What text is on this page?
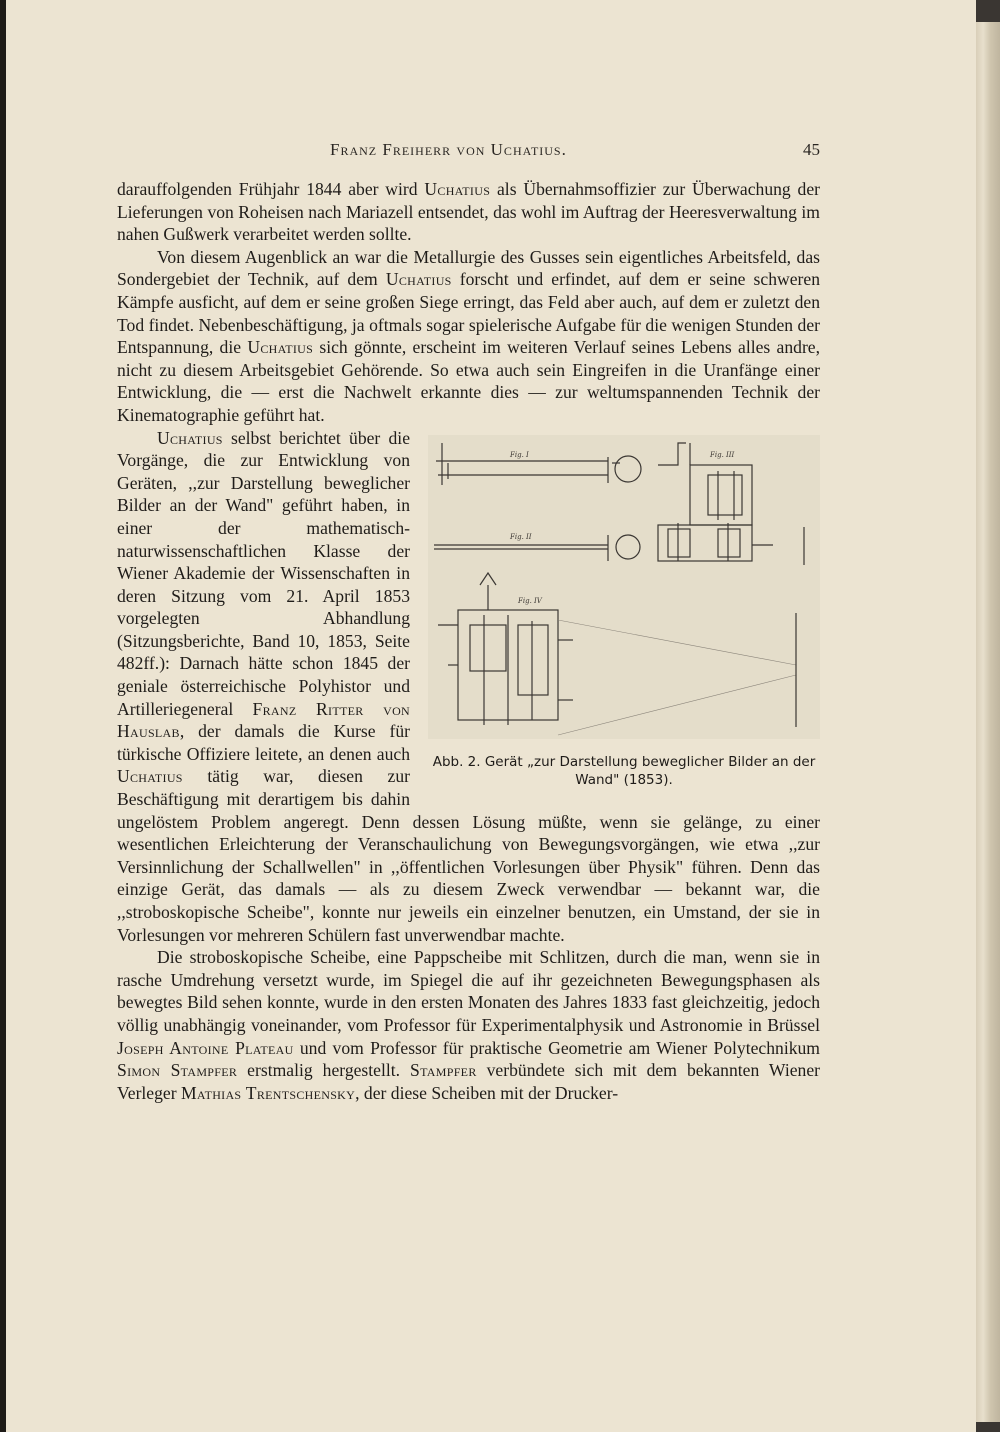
Franz Freiherr von Uchatius.	45

darauffolgenden Frühjahr 1844 aber wird Uchatius als Übernahmsoffizier zur Überwachung der Lieferungen von Roheisen nach Mariazell entsendet, das wohl im Auftrag der Heeresverwaltung im nahen Gußwerk verarbeitet werden sollte.

Von diesem Augenblick an war die Metallurgie des Gusses sein eigentliches Arbeitsfeld, das Sondergebiet der Technik, auf dem Uchatius forscht und erfindet, auf dem er seine schweren Kämpfe ausficht, auf dem er seine großen Siege erringt, das Feld aber auch, auf dem er zuletzt den Tod findet. Nebenbeschäftigung, ja oftmals sogar spielerische Aufgabe für die wenigen Stunden der Entspannung, die Uchatius sich gönnte, erscheint im weiteren Verlauf seines Lebens alles andre, nicht zu diesem Arbeitsgebiet Gehörende. So etwa auch sein Eingreifen in die Uranfänge einer Entwicklung, die — erst die Nachwelt erkannte dies — zur weltumspannenden Technik der Kinematographie geführt hat.

Fig. I
Fig. II
Fig. III
Fig. IV
Abb. 2. Gerät „zur Darstellung beweglicher Bilder an der Wand" (1853).

Uchatius selbst berichtet über die Vorgänge, die zur Entwicklung von Geräten, ,,zur Darstellung beweglicher Bilder an der Wand" geführt haben, in einer der mathematisch-naturwissenschaftlichen Klasse der Wiener Akademie der Wissenschaften in deren Sitzung vom 21. April 1853 vorgelegten Abhandlung (Sitzungsberichte, Band 10, 1853, Seite 482ff.): Darnach hätte schon 1845 der geniale österreichische Polyhistor und Artilleriegeneral Franz Ritter von Hauslab, der damals die Kurse für türkische Offiziere leitete, an denen auch Uchatius tätig war, diesen zur Beschäftigung mit derartigem bis dahin ungelöstem Problem angeregt. Denn dessen Lösung müßte, wenn sie gelänge, zu einer wesentlichen Erleichterung der Veranschaulichung von Bewegungsvorgängen, wie etwa ,,zur Versinnlichung der Schallwellen" in ,,öffentlichen Vorlesungen über Physik" führen. Denn das einzige Gerät, das damals — als zu diesem Zweck verwendbar — bekannt war, die ,,stroboskopische Scheibe", konnte nur jeweils ein einzelner benutzen, ein Umstand, der sie in Vorlesungen vor mehreren Schülern fast unverwendbar machte.

Die stroboskopische Scheibe, eine Pappscheibe mit Schlitzen, durch die man, wenn sie in rasche Umdrehung versetzt wurde, im Spiegel die auf ihr gezeichneten Bewegungsphasen als bewegtes Bild sehen konnte, wurde in den ersten Monaten des Jahres 1833 fast gleichzeitig, jedoch völlig unabhängig voneinander, vom Professor für Experimentalphysik und Astronomie in Brüssel Joseph Antoine Plateau und vom Professor für praktische Geometrie am Wiener Polytechnikum Simon Stampfer erstmalig hergestellt. Stampfer verbündete sich mit dem bekannten Wiener Verleger Mathias Trentschensky, der diese Scheiben mit der Drucker-
